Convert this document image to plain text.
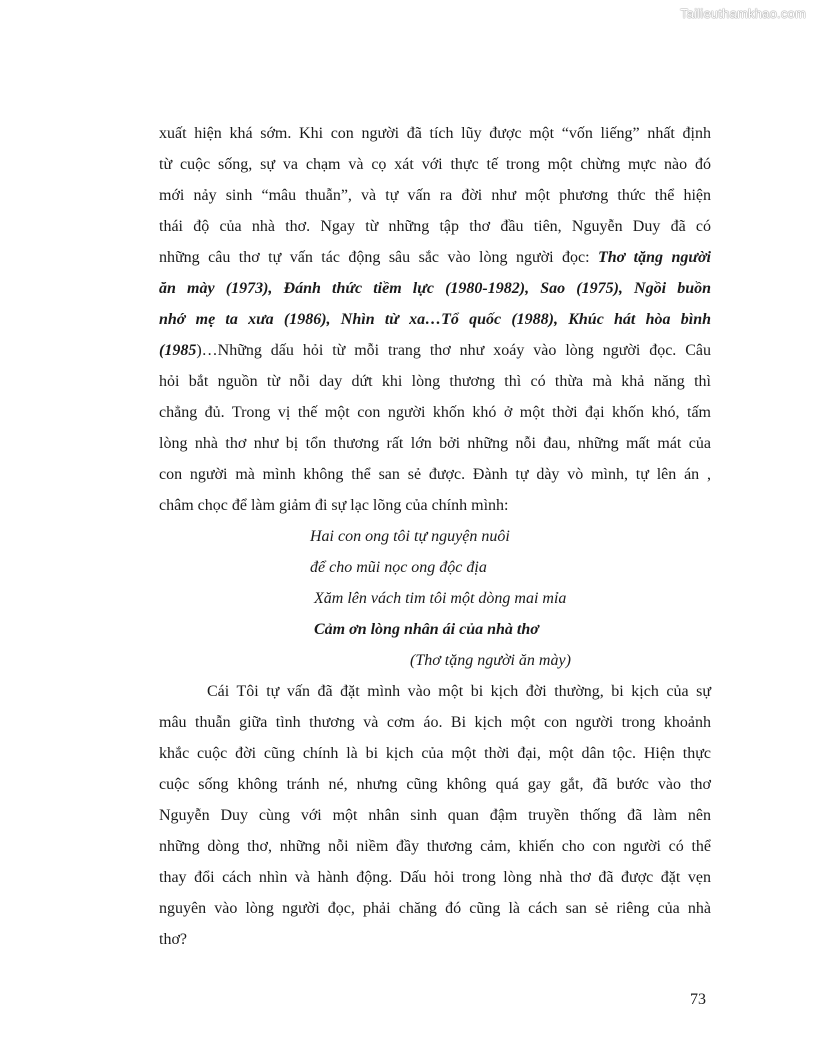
Tailieuthamkhao.com
xuất hiện khá sớm. Khi con người đã tích lũy được một “vốn liếng” nhất định
từ cuộc sống, sự va chạm và cọ xát với thực tế trong một chừng mực nào đó
mới nảy sinh “mâu thuẫn”, và tự vấn ra đời như một phương thức thể hiện
thái độ của nhà thơ. Ngay từ những tập thơ đầu tiên, Nguyễn Duy đã có
những câu thơ tự vấn tác động sâu sắc vào lòng người đọc: Thơ tặng người
ăn mày (1973), Đánh thức tiềm lực (1980-1982), Sao (1975), Ngồi buồn
nhớ mẹ ta xưa (1986), Nhìn từ xa…Tổ quốc (1988), Khúc hát hòa bình
(1985)…Những dấu hỏi từ mỗi trang thơ như xoáy vào lòng người đọc. Câu
hỏi bắt nguồn từ nỗi day dứt khi lòng thương thì có thừa mà khả năng thì
chẳng đủ. Trong vị thế một con người khốn khó ở một thời đại khốn khó, tấm
lòng nhà thơ như bị tổn thương rất lớn bởi những nỗi đau, những mất mát của
con người mà mình không thể san sẻ được. Đành tự dày vò mình, tự lên án ,
châm chọc để làm giảm đi sự lạc lõng của chính mình:
Hai con ong tôi tự nguyện nuôi
để cho mũi nọc ong độc địa
Xăm lên vách tim tôi một dòng mai mỉa
Cảm ơn lòng nhân ái của nhà thơ
(Thơ tặng người ăn mày)
Cái Tôi tự vấn đã đặt mình vào một bi kịch đời thường, bi kịch của sự
mâu thuẫn giữa tình thương và cơm áo. Bi kịch một con người trong khoảnh
khắc cuộc đời cũng chính là bi kịch của một thời đại, một dân tộc. Hiện thực
cuộc sống không tránh né, nhưng cũng không quá gay gắt, đã bước vào thơ
Nguyễn Duy cùng với một nhân sinh quan đậm truyền thống đã làm nên
những dòng thơ, những nỗi niềm đầy thương cảm, khiến cho con người có thể
thay đổi cách nhìn và hành động. Dấu hỏi trong lòng nhà thơ đã được đặt vẹn
nguyên vào lòng người đọc, phải chăng đó cũng là cách san sẻ riêng của nhà
thơ?
73
